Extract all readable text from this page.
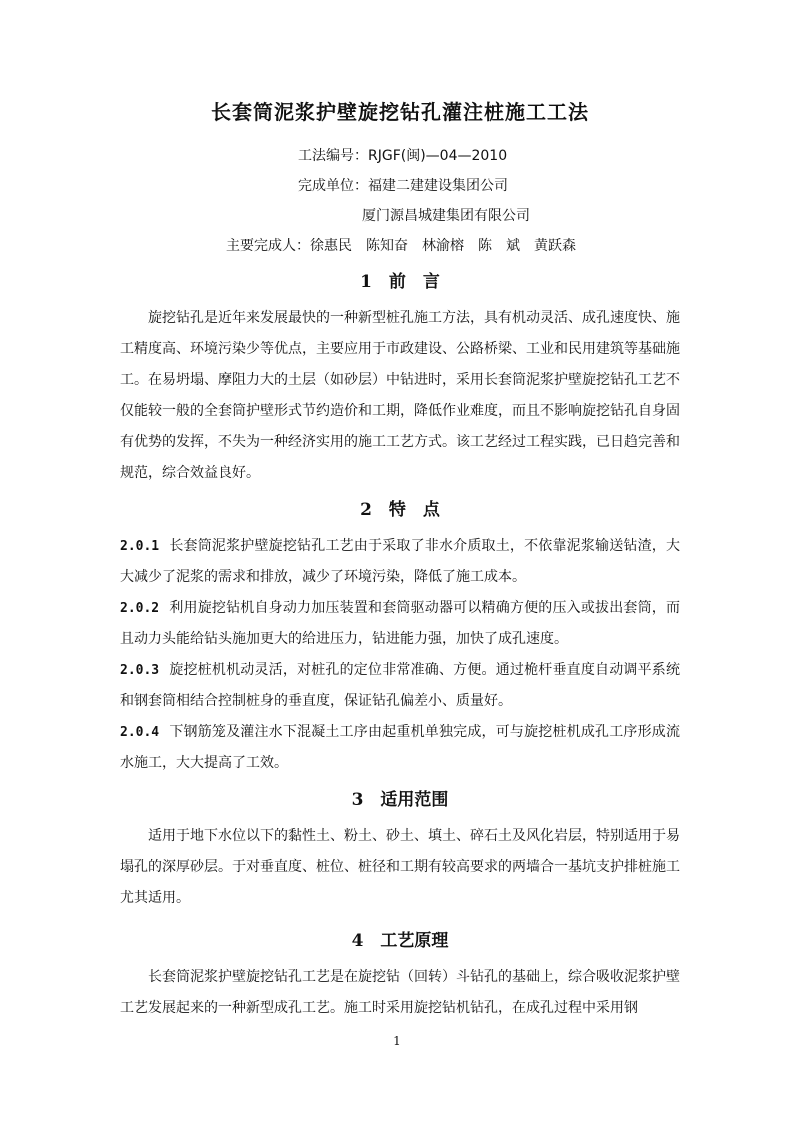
长套筒泥浆护壁旋挖钻孔灌注桩施工工法
工法编号：RJGF(闽)—04—2010
完成单位：福建二建建设集团公司
厦门源昌城建集团有限公司
主要完成人：徐惠民　陈知奋　林渝榕　陈　斌　黄跃森
1　前　言

旋挖钻孔是近年来发展最快的一种新型桩孔施工方法，具有机动灵活、成孔速度快、施工精度高、环境污染少等优点，主要应用于市政建设、公路桥梁、工业和民用建筑等基础施工。在易坍塌、摩阻力大的土层（如砂层）中钻进时，采用长套筒泥浆护壁旋挖钻孔工艺不仅能较一般的全套筒护壁形式节约造价和工期，降低作业难度，而且不影响旋挖钻孔自身固有优势的发挥，不失为一种经济实用的施工工艺方式。该工艺经过工程实践，已日趋完善和规范，综合效益良好。

2　特　点

2.0.1 长套筒泥浆护壁旋挖钻孔工艺由于采取了非水介质取土，不依靠泥浆输送钻渣，大大减少了泥浆的需求和排放，减少了环境污染，降低了施工成本。

2.0.2 利用旋挖钻机自身动力加压装置和套筒驱动器可以精确方便的压入或拔出套筒，而且动力头能给钻头施加更大的给进压力，钻进能力强，加快了成孔速度。

2.0.3 旋挖桩机机动灵活，对桩孔的定位非常准确、方便。通过桅杆垂直度自动调平系统和钢套筒相结合控制桩身的垂直度，保证钻孔偏差小、质量好。

2.0.4 下钢筋笼及灌注水下混凝土工序由起重机单独完成，可与旋挖桩机成孔工序形成流水施工，大大提高了工效。

3　适用范围

适用于地下水位以下的黏性土、粉土、砂土、填土、碎石土及风化岩层，特别适用于易塌孔的深厚砂层。于对垂直度、桩位、桩径和工期有较高要求的两墙合一基坑支护排桩施工尤其适用。

4　工艺原理

长套筒泥浆护壁旋挖钻孔工艺是在旋挖钻（回转）斗钻孔的基础上，综合吸收泥浆护壁工艺发展起来的一种新型成孔工艺。施工时采用旋挖钻机钻孔，在成孔过程中采用钢

1
